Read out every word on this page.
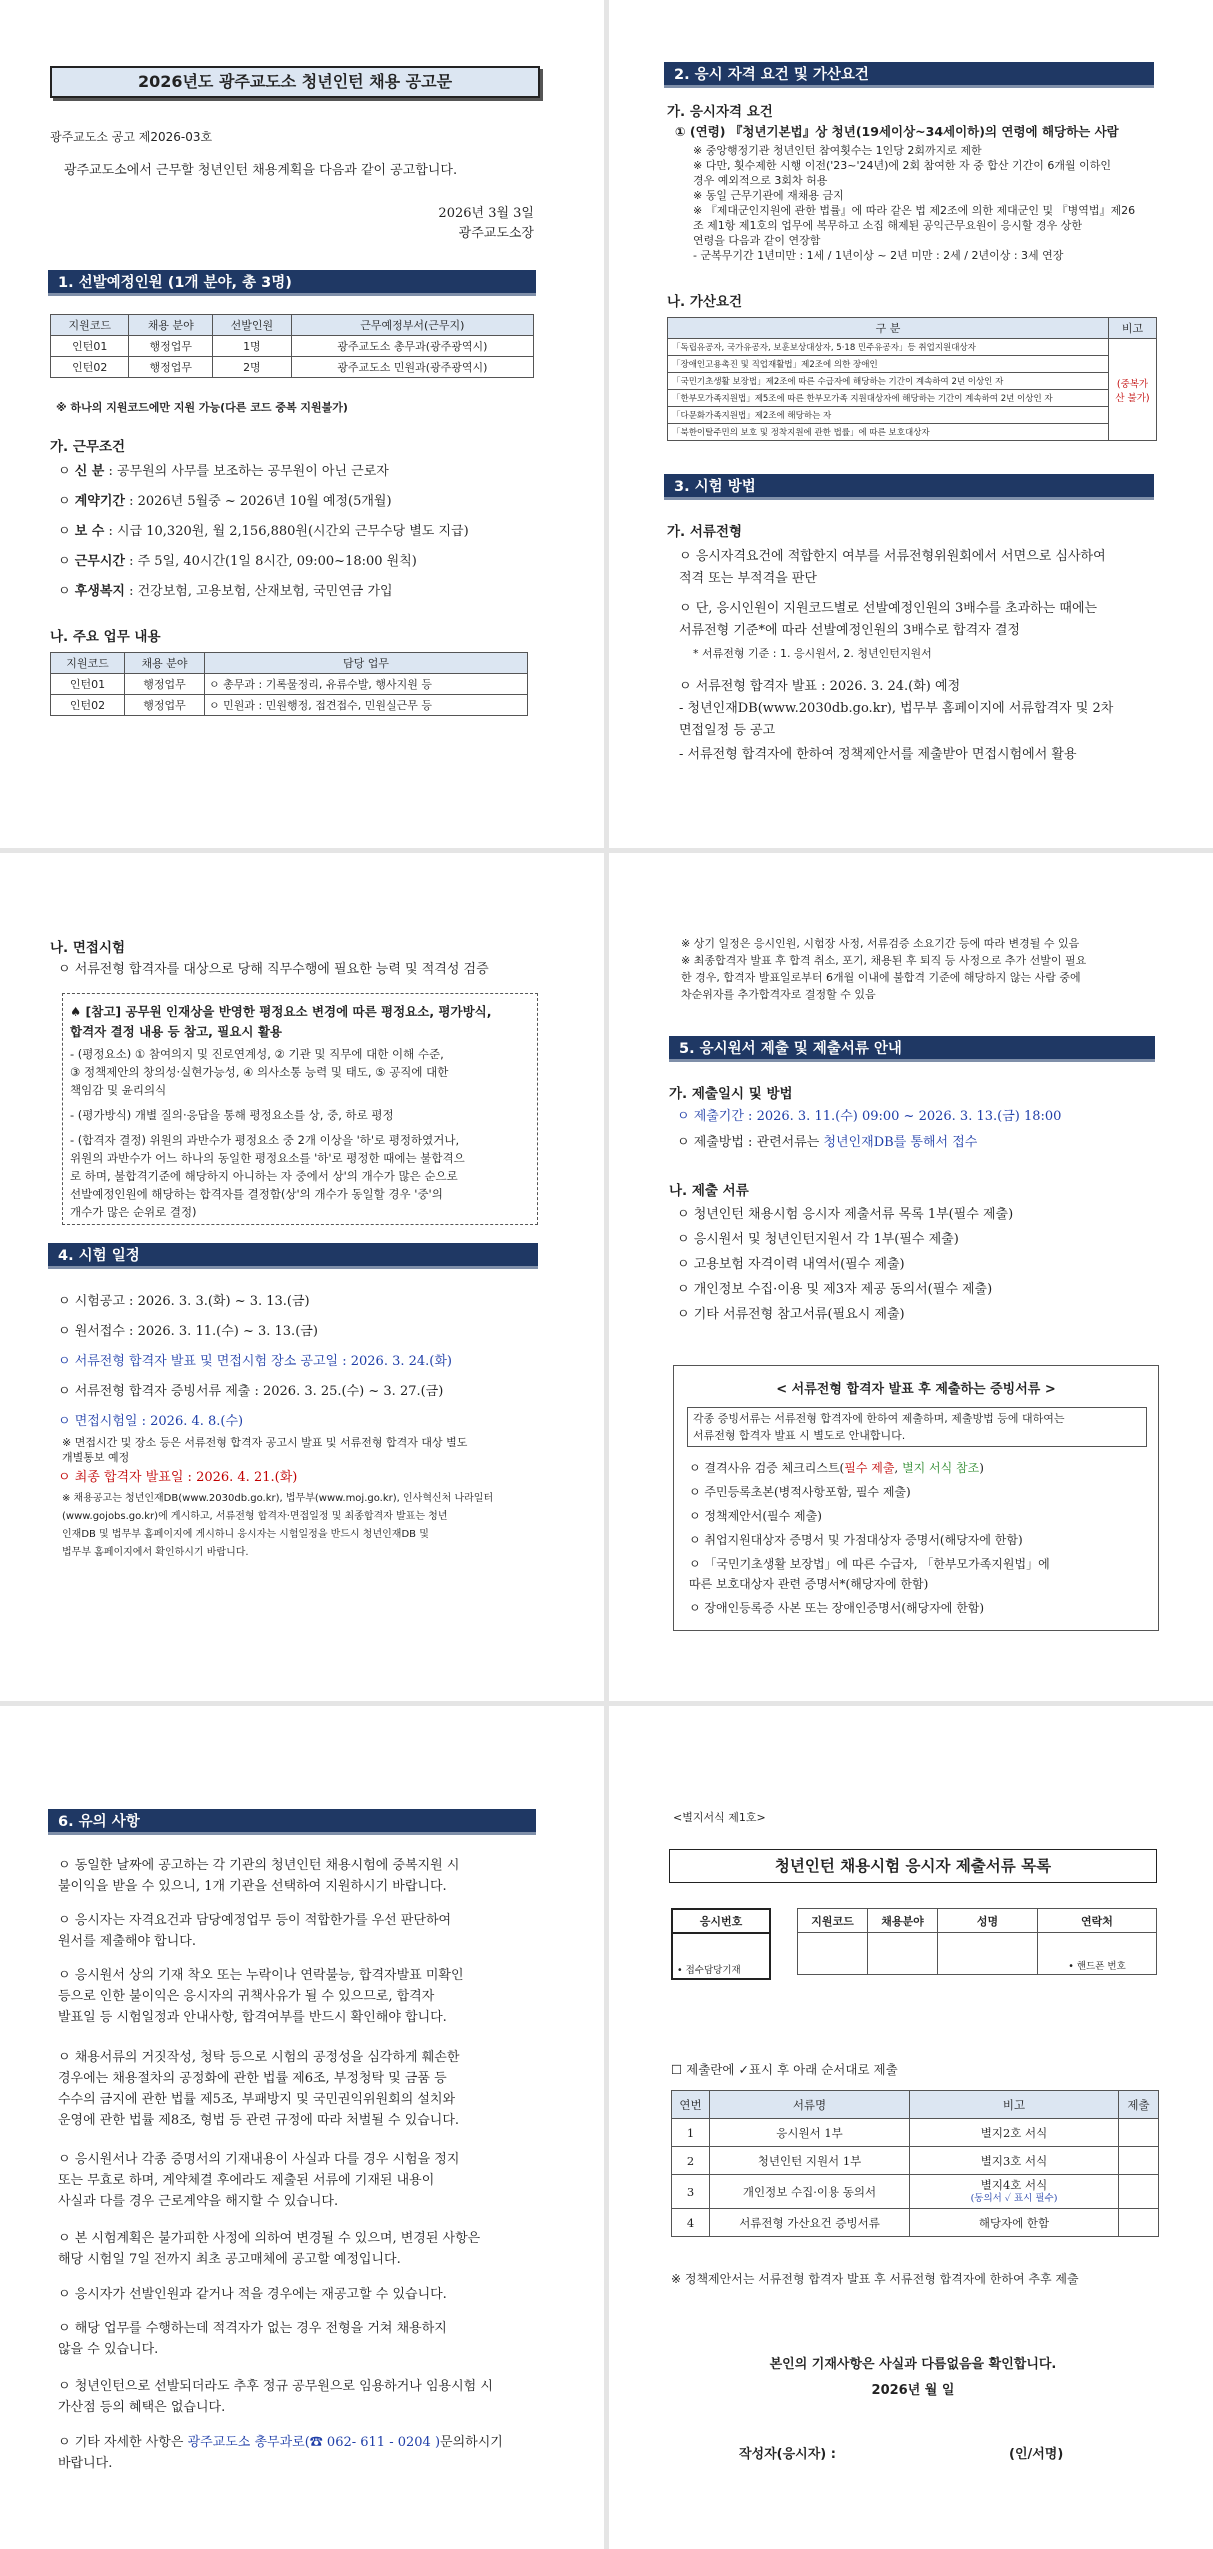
2026년도 광주교도소 청년인턴 채용 공고문
광주교도소 공고 제2026-03호
광주교도소에서 근무할 청년인턴 채용계획을 다음과 같이 공고합니다.
2026년 3월 3일
광주교도소장
1. 선발예정인원 (1개 분야, 총 3명)
지원코드	채용 분야	선발인원	근무예정부서(근무지)
인턴01	행정업무	1명	광주교도소 총무과(광주광역시)
인턴02	행정업무	2명	광주교도소 민원과(광주광역시)
※ 하나의 지원코드에만 지원 가능(다른 코드 중복 지원불가)
가. 근무조건
ㅇ 신 분 : 공무원의 사무를 보조하는 공무원이 아닌 근로자
ㅇ 계약기간 : 2026년 5월중 ~ 2026년 10월 예정(5개월)
ㅇ 보 수 : 시급 10,320원, 월 2,156,880원(시간외 근무수당 별도 지급)
ㅇ 근무시간 : 주 5일, 40시간(1일 8시간, 09:00~18:00 원칙)
ㅇ 후생복지 : 건강보험, 고용보험, 산재보험, 국민연금 가입
나. 주요 업무 내용
지원코드	채용 분야	담당 업무
인턴01	행정업무	ㅇ 총무과 : 기록물정리, 유류수발, 행사지원 등
인턴02	행정업무	ㅇ 민원과 : 민원행정, 접견접수, 민원실근무 등
2. 응시 자격 요건 및 가산요건
가. 응시자격 요건
① (연령) 『청년기본법』상 청년(19세이상~34세이하)의 연령에 해당하는 사람
※ 중앙행정기관 청년인턴 참여횟수는 1인당 2회까지로 제한
※ 다만, 횟수제한 시행 이전('23~'24년)에 2회 참여한 자 중 합산 기간이 6개월 이하인
경우 예외적으로 3회차 허용
※ 동일 근무기관에 재채용 금지
※ 『제대군인지원에 관한 법률』에 따라 같은 법 제2조에 의한 제대군인 및 『병역법』제26
조 제1항 제1호의 업무에 복무하고 소집 해제된 공익근무요원이 응시할 경우 상한
연령을 다음과 같이 연장함
- 군복무기간 1년미만 : 1세 / 1년이상 ~ 2년 미만 : 2세 / 2년이상 : 3세 연장
나. 가산요건
구 분	비고
「독립유공자, 국가유공자, 보훈보상대상자, 5·18 민주유공자」등 취업지원대상자	(중복가산 불가)
「장애인고용촉진 및 직업재활법」제2조에 의한 장애인	
「국민기초생활 보장법」제2조에 따른 수급자에 해당하는 기간이 계속하여 2년 이상인 자	
「한부모가족지원법」제5조에 따른 한부모가족 지원대상자에 해당하는 기간이 계속하여 2년 이상인 자	
「다문화가족지원법」제2조에 해당하는 자	
「북한이탈주민의 보호 및 정착지원에 관한 법률」에 따른 보호대상자	
3. 시험 방법
가. 서류전형
ㅇ 응시자격요건에 적합한지 여부를 서류전형위원회에서 서면으로 심사하여
적격 또는 부적격을 판단
ㅇ 단, 응시인원이 지원코드별로 선발예정인원의 3배수를 초과하는 때에는
서류전형 기준*에 따라 선발예정인원의 3배수로 합격자 결정
* 서류전형 기준 : 1. 응시원서, 2. 청년인턴지원서
ㅇ 서류전형 합격자 발표 : 2026. 3. 24.(화) 예정
- 청년인재DB(www.2030db.go.kr), 법무부 홈페이지에 서류합격자 및 2차
면접일정 등 공고
- 서류전형 합격자에 한하여 정책제안서를 제출받아 면접시험에서 활용
나. 면접시험
ㅇ 서류전형 합격자를 대상으로 당해 직무수행에 필요한 능력 및 적격성 검증
♠ [참고] 공무원 인재상을 반영한 평정요소 변경에 따른 평정요소, 평가방식,
합격자 결정 내용 등 참고, 필요시 활용
- (평정요소) ① 참여의지 및 진로연계성, ② 기관 및 직무에 대한 이해 수준,
③ 정책제안의 창의성·실현가능성, ④ 의사소통 능력 및 태도, ⑤ 공직에 대한
책임감 및 윤리의식
- (평가방식) 개별 질의·응답을 통해 평정요소를 상, 중, 하로 평정
- (합격자 결정) 위원의 과반수가 평정요소 중 2개 이상을 '하'로 평정하였거나,
위원의 과반수가 어느 하나의 동일한 평정요소를 '하'로 평정한 때에는 불합격으
로 하며, 불합격기준에 해당하지 아니하는 자 중에서 상'의 개수가 많은 순으로
선발예정인원에 해당하는 합격자를 결정함(상'의 개수가 동일할 경우 '중'의
개수가 많은 순위로 결정)
4. 시험 일정
ㅇ 시험공고 : 2026. 3. 3.(화) ~ 3. 13.(금)
ㅇ 원서접수 : 2026. 3. 11.(수) ~ 3. 13.(금)
ㅇ 서류전형 합격자 발표 및 면접시험 장소 공고일 : 2026. 3. 24.(화)
ㅇ 서류전형 합격자 증빙서류 제출 : 2026. 3. 25.(수) ~ 3. 27.(금)
ㅇ 면접시험일 : 2026. 4. 8.(수)
※ 면접시간 및 장소 등은 서류전형 합격자 공고시 발표 및 서류전형 합격자 대상 별도
개별통보 예정
ㅇ 최종 합격자 발표일 : 2026. 4. 21.(화)
※ 채용공고는 청년인재DB(www.2030db.go.kr), 법무부(www.moj.go.kr), 인사혁신처 나라일터
(www.gojobs.go.kr)에 게시하고, 서류전형 합격자·면접일정 및 최종합격자 발표는 청년
인재DB 및 법무부 홈페이지에 게시하니 응시자는 시험일정을 반드시 청년인재DB 및
법무부 홈페이지에서 확인하시기 바랍니다.
※ 상기 일정은 응시인원, 시험장 사정, 서류검증 소요기간 등에 따라 변경될 수 있음
※ 최종합격자 발표 후 합격 취소, 포기, 채용된 후 퇴직 등 사정으로 추가 선발이 필요
한 경우, 합격자 발표일로부터 6개월 이내에 불합격 기준에 해당하지 않는 사람 중에
차순위자를 추가합격자로 결정할 수 있음
5. 응시원서 제출 및 제출서류 안내
가. 제출일시 및 방법
ㅇ 제출기간 : 2026. 3. 11.(수) 09:00 ~ 2026. 3. 13.(금) 18:00
ㅇ 제출방법 : 관련서류는 청년인재DB를 통해서 접수
나. 제출 서류
ㅇ 청년인턴 채용시험 응시자 제출서류 목록 1부(필수 제출)
ㅇ 응시원서 및 청년인턴지원서 각 1부(필수 제출)
ㅇ 고용보험 자격이력 내역서(필수 제출)
ㅇ 개인정보 수집·이용 및 제3자 제공 동의서(필수 제출)
ㅇ 기타 서류전형 참고서류(필요시 제출)
< 서류전형 합격자 발표 후 제출하는 증빙서류 >
각종 증빙서류는 서류전형 합격자에 한하여 제출하며, 제출방법 등에 대하여는
서류전형 합격자 발표 시 별도로 안내합니다.
ㅇ 결격사유 검증 체크리스트(필수 제출, 별지 서식 참조)
ㅇ 주민등록초본(병적사항포함, 필수 제출)
ㅇ 정책제안서(필수 제출)
ㅇ 취업지원대상자 증명서 및 가점대상자 증명서(해당자에 한함)
ㅇ 「국민기초생활 보장법」에 따른 수급자, 「한부모가족지원법」에
따른 보호대상자 관련 증명서*(해당자에 한함)
ㅇ 장애인등록증 사본 또는 장애인증명서(해당자에 한함)
6. 유의 사항
ㅇ 동일한 날짜에 공고하는 각 기관의 청년인턴 채용시험에 중복지원 시
불이익을 받을 수 있으니, 1개 기관을 선택하여 지원하시기 바랍니다.
ㅇ 응시자는 자격요건과 담당예정업무 등이 적합한가를 우선 판단하여
원서를 제출해야 합니다.
ㅇ 응시원서 상의 기재 착오 또는 누락이나 연락불능, 합격자발표 미확인
등으로 인한 불이익은 응시자의 귀책사유가 될 수 있으므로, 합격자
발표일 등 시험일정과 안내사항, 합격여부를 반드시 확인해야 합니다.
ㅇ 채용서류의 거짓작성, 청탁 등으로 시험의 공정성을 심각하게 훼손한
경우에는 채용절차의 공정화에 관한 법률 제6조, 부정청탁 및 금품 등
수수의 금지에 관한 법률 제5조, 부패방지 및 국민권익위원회의 설치와
운영에 관한 법률 제8조, 형법 등 관련 규정에 따라 처벌될 수 있습니다.
ㅇ 응시원서나 각종 증명서의 기재내용이 사실과 다를 경우 시험을 정지
또는 무효로 하며, 계약체결 후에라도 제출된 서류에 기재된 내용이
사실과 다를 경우 근로계약을 해지할 수 있습니다.
ㅇ 본 시험계획은 불가피한 사정에 의하여 변경될 수 있으며, 변경된 사항은
해당 시험일 7일 전까지 최초 공고매체에 공고할 예정입니다.
ㅇ 응시자가 선발인원과 같거나 적을 경우에는 재공고할 수 있습니다.
ㅇ 해당 업무를 수행하는데 적격자가 없는 경우 전형을 거쳐 채용하지
않을 수 있습니다.
ㅇ 청년인턴으로 선발되더라도 추후 정규 공무원으로 임용하거나 임용시험 시
가산점 등의 혜택은 없습니다.
ㅇ 기타 자세한 사항은 광주교도소 총무과로(☎ 062- 611 - 0204 )문의하시기
바랍니다.
<별지서식 제1호>
청년인턴 채용시험 응시자 제출서류 목록
응시번호
• 접수담당기재
지원코드	채용분야	성명	연락처
			• 핸드폰 번호
☐ 제출란에 ✓표시 후 아래 순서대로 제출
연번	서류명	비고	제출
1	응시원서 1부	별지2호 서식	
2	청년인턴 지원서 1부	별지3호 서식	
3	개인정보 수집·이용 동의서	별지4호 서식
(동의서 ✓ 표시 필수)	

4	서류전형 가산요건 증빙서류	해당자에 한함	
※ 정책제안서는 서류전형 합격자 발표 후 서류전형 합격자에 한하여 추후 제출
본인의 기재사항은 사실과 다름없음을 확인합니다.
2026년 월 일
작성자(응시자) :	(인/서명)
